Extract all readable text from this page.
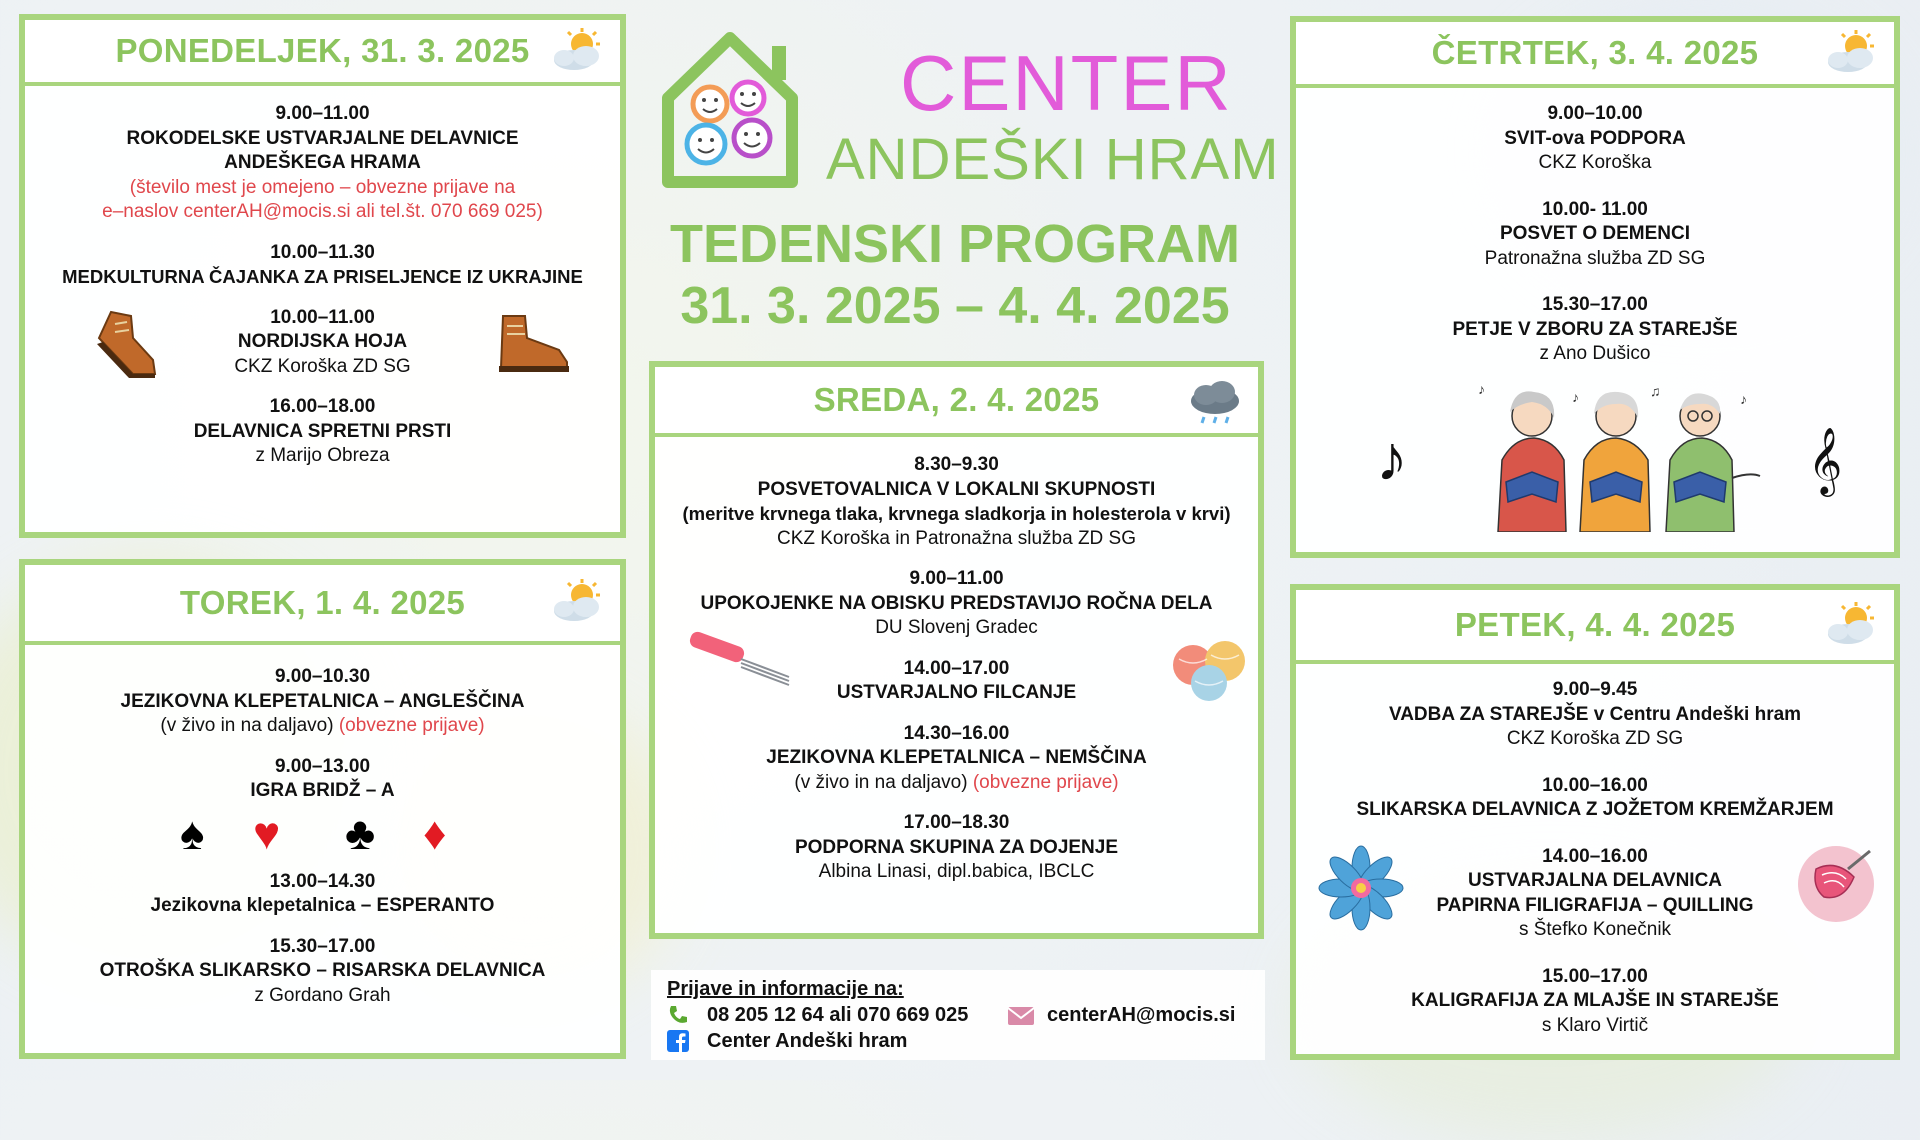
PONEDELJEK, 31. 3. 2025
9.00–11.00
ROKODELSKE USTVARJALNE DELAVNICE
ANDEŠKEGA HRAMA
(število mest je omejeno – obvezne prijave na
e–naslov centerAH@mocis.si ali tel.št. 070 669 025)
10.00–11.30
MEDKULTURNA ČAJANKA ZA PRISELJENCE IZ UKRAJINE
10.00–11.00
NORDIJSKA HOJA
CKZ Koroška ZD SG
16.00–18.00
DELAVNICA SPRETNI PRSTI
z Marijo Obreza
TOREK, 1. 4. 2025
9.00–10.30
JEZIKOVNA KLEPETALNICA – ANGLEŠČINA
(v živo in na daljavo) (obvezne prijave)
9.00–13.00
IGRA BRIDŽ – A
♠ ♥ ♣ ♦
13.00–14.30
Jezikovna klepetalnica – ESPERANTO
15.30–17.00
OTROŠKA SLIKARSKO – RISARSKA DELAVNICA
z Gordano Grah
CENTER
ANDEŠKI HRAM
TEDENSKI PROGRAM
31. 3. 2025 – 4. 4. 2025
SREDA, 2. 4. 2025
8.30–9.30
POSVETOVALNICA V LOKALNI SKUPNOSTI
(meritve krvnega tlaka, krvnega sladkorja in holesterola v krvi)
CKZ Koroška in Patronažna služba ZD SG
9.00–11.00
UPOKOJENKE NA OBISKU PREDSTAVIJO ROČNA DELA
DU Slovenj Gradec
14.00–17.00
USTVARJALNO FILCANJE
14.30–16.00
JEZIKOVNA KLEPETALNICA – NEMŠČINA
(v živo in na daljavo) (obvezne prijave)
17.00–18.30
PODPORNA SKUPINA ZA DOJENJE
Albina Linasi, dipl.babica, IBCLC
Prijave in informacije na:
08 205 12 64 ali 070 669 025	centerAH@mocis.si
Center Andeški hram
ČETRTEK, 3. 4. 2025
9.00–10.00
SVIT-ova PODPORA
CKZ Koroška
10.00- 11.00
POSVET O DEMENCI
Patronažna služba ZD SG
15.30–17.00
PETJE V ZBORU ZA STAREJŠE
z Ano Dušico
♪	𝄞
♪	♪	♫	♪
PETEK, 4. 4. 2025
9.00–9.45
VADBA ZA STAREJŠE v Centru Andeški hram
CKZ Koroška ZD SG
10.00–16.00
SLIKARSKA DELAVNICA Z JOŽETOM KREMŽARJEM
14.00–16.00
USTVARJALNA DELAVNICA
PAPIRNA FILIGRAFIJA – QUILLING
s Štefko Konečnik
15.00–17.00
KALIGRAFIJA ZA MLAJŠE IN STAREJŠE
s Klaro Virtič
